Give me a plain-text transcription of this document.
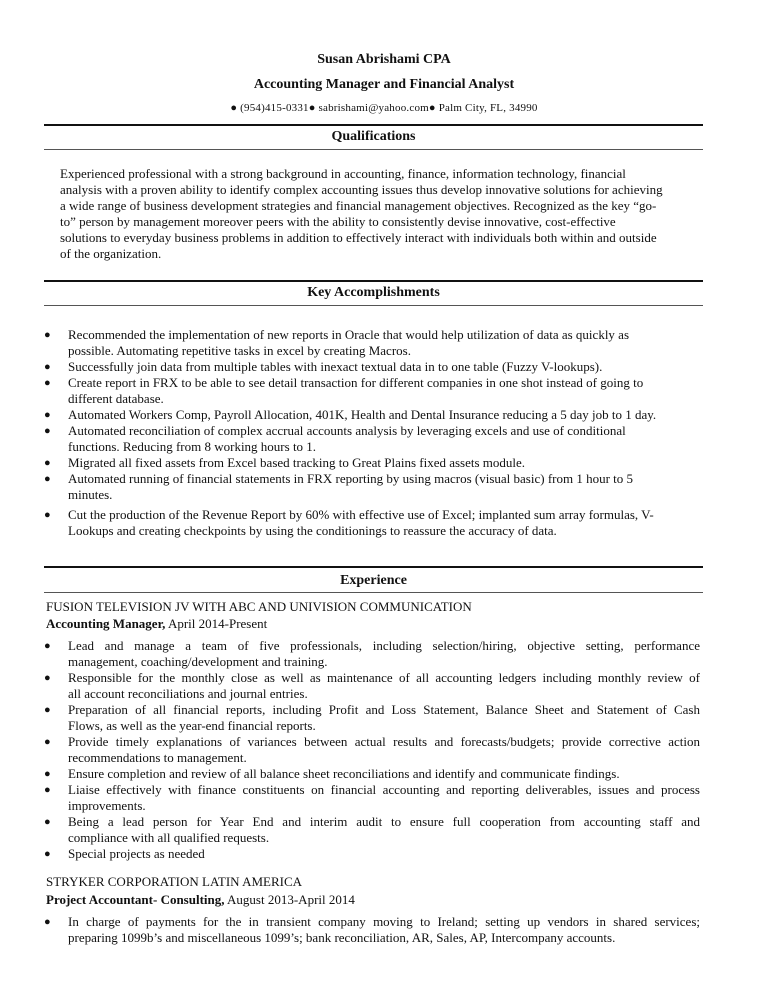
Susan Abrishami CPA
Accounting Manager and Financial Analyst
● (954)415-0331● sabrishami@yahoo.com● Palm City, FL, 34990
Qualifications
Experienced professional with a strong background in accounting, finance, information technology, financial
analysis with a proven ability to identify complex accounting issues thus develop innovative solutions for achieving
a wide range of business development strategies and financial management objectives. Recognized as the key “go-
to” person by management moreover peers with the ability to consistently devise innovative, cost-effective
solutions to everyday business problems in addition to effectively interact with individuals both within and outside
of the organization.
Key Accomplishments
● Recommended the implementation of new reports in Oracle that would help utilization of data as quickly as
possible. Automating repetitive tasks in excel by creating Macros.
● Successfully join data from multiple tables with inexact textual data in to one table (Fuzzy V-lookups).
● Create report in FRX to be able to see detail transaction for different companies in one shot instead of going to
different database.
● Automated Workers Comp, Payroll Allocation, 401K, Health and Dental Insurance reducing a 5 day job to 1 day.
● Automated reconciliation of complex accrual accounts analysis by leveraging excels and use of conditional
functions. Reducing from 8 working hours to 1.
● Migrated all fixed assets from Excel based tracking to Great Plains fixed assets module.
● Automated running of financial statements in FRX reporting by using macros (visual basic) from 1 hour to 5
minutes.
● Cut the production of the Revenue Report by 60% with effective use of Excel; implanted sum array formulas, V-
Lookups and creating checkpoints by using the conditionings to reassure the accuracy of data.
Experience
FUSION TELEVISION JV WITH ABC AND UNIVISION COMMUNICATION
Accounting Manager, April 2014-Present
● Lead and manage a team of five professionals, including selection/hiring, objective setting, performance
management, coaching/development and training.
● Responsible for the monthly close as well as maintenance of all accounting ledgers including monthly review of
all account reconciliations and journal entries.
● Preparation of all financial reports, including Profit and Loss Statement, Balance Sheet and Statement of Cash
Flows, as well as the year-end financial reports.
● Provide timely explanations of variances between actual results and forecasts/budgets; provide corrective action
recommendations to management.
● Ensure completion and review of all balance sheet reconciliations and identify and communicate findings.
● Liaise effectively with finance constituents on financial accounting and reporting deliverables, issues and process
improvements.
● Being a lead person for Year End and interim audit to ensure full cooperation from accounting staff and
compliance with all qualified requests.
● Special projects as needed
STRYKER CORPORATION LATIN AMERICA
Project Accountant- Consulting, August 2013-April 2014
● In charge of payments for the in transient company moving to Ireland; setting up vendors in shared services;
preparing 1099b’s and miscellaneous 1099’s; bank reconciliation, AR, Sales, AP, Intercompany accounts.
